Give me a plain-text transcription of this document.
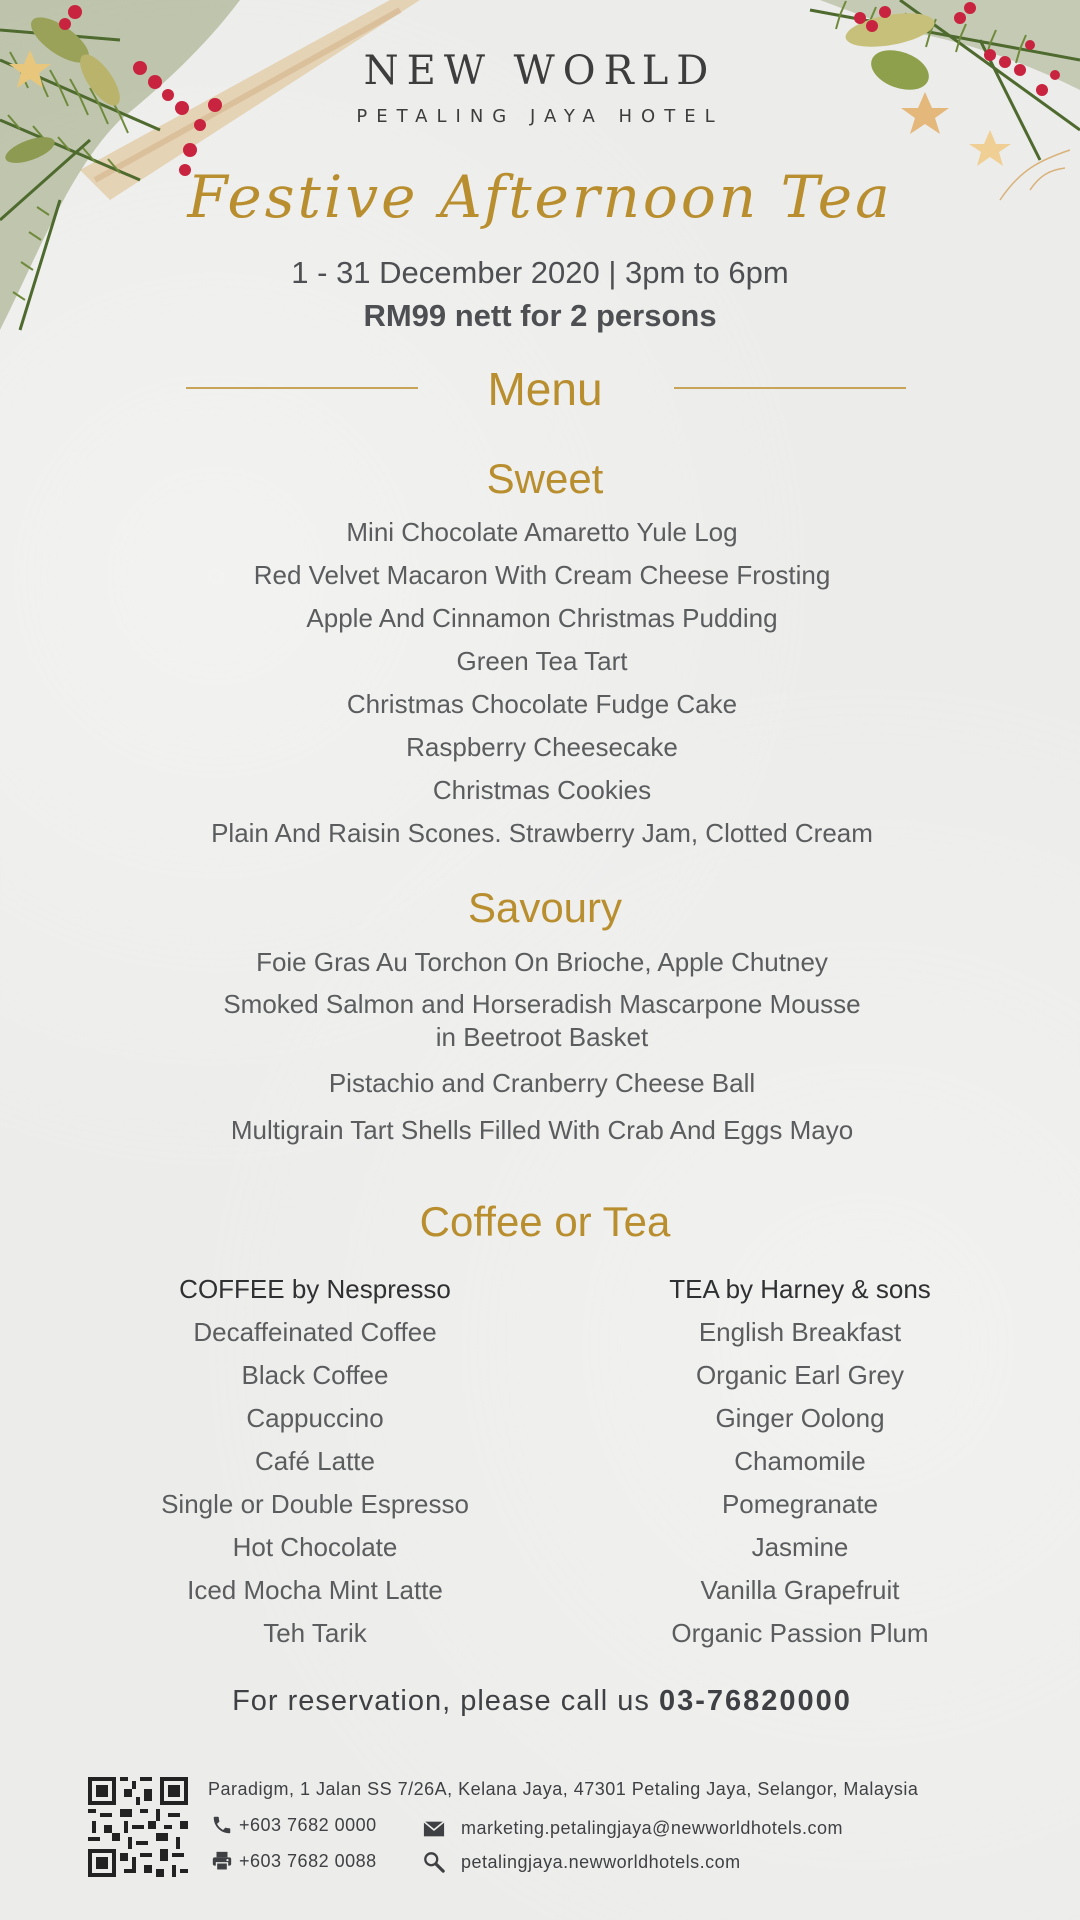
NEW WORLD
PETALING JAYA HOTEL
Festive Afternoon Tea
1 - 31 December 2020 | 3pm to 6pm
RM99 nett for 2 persons
Menu
Sweet
Mini Chocolate Amaretto Yule Log
Red Velvet Macaron With Cream Cheese Frosting
Apple And Cinnamon Christmas Pudding
Green Tea Tart
Christmas Chocolate Fudge Cake
Raspberry Cheesecake
Christmas Cookies
Plain And Raisin Scones. Strawberry Jam, Clotted Cream
Savoury
Foie Gras Au Torchon On Brioche, Apple Chutney
Smoked Salmon and Horseradish Mascarpone Mousse
in Beetroot Basket
Pistachio and Cranberry Cheese Ball
Multigrain Tart Shells Filled With Crab And Eggs Mayo
Coffee or Tea
COFFEE by Nespresso
Decaffeinated Coffee
Black Coffee
Cappuccino
Café Latte
Single or Double Espresso
Hot Chocolate
Iced Mocha Mint Latte
Teh Tarik
TEA by Harney & sons
English Breakfast
Organic Earl Grey
Ginger Oolong
Chamomile
Pomegranate
Jasmine
Vanilla Grapefruit
Organic Passion Plum
For reservation, please call us 03-76820000
Paradigm, 1 Jalan SS 7/26A, Kelana Jaya, 47301 Petaling Jaya, Selangor, Malaysia
+603 7682 0000
+603 7682 0088
marketing.petalingjaya@newworldhotels.com
petalingjaya.newworldhotels.com
